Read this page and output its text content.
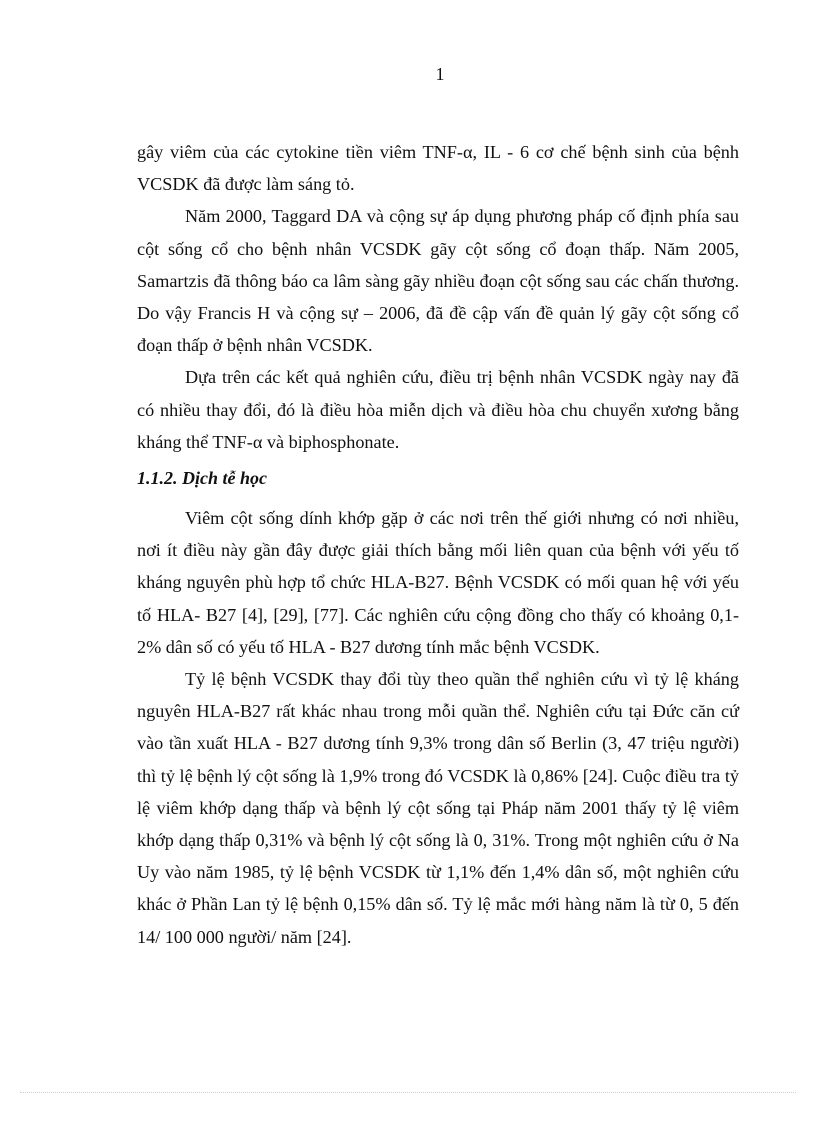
1

gây viêm của các cytokine tiền viêm TNF-α, IL - 6 cơ chế bệnh sinh của bệnh VCSDK đã được làm sáng tỏ.

Năm 2000, Taggard DA và cộng sự áp dụng phương pháp cố định phía sau cột sống cổ cho bệnh nhân VCSDK gãy cột sống cổ đoạn thấp. Năm 2005, Samartzis đã thông báo ca lâm sàng gãy nhiều đoạn cột sống sau các chấn thương. Do vậy Francis H và cộng sự – 2006, đã đề cập vấn đề quản lý gãy cột sống cổ đoạn thấp ở bệnh nhân VCSDK.

Dựa trên các kết quả nghiên cứu, điều trị bệnh nhân VCSDK ngày nay đã có nhiều thay đổi, đó là điều hòa miễn dịch và điều hòa chu chuyển xương bằng kháng thể TNF-α và biphosphonate.

1.1.2. Dịch tễ học

Viêm cột sống dính khớp gặp ở các nơi trên thế giới nhưng có nơi nhiều, nơi ít điều này gần đây được giải thích bằng mối liên quan của bệnh với yếu tố kháng nguyên phù hợp tổ chức HLA-B27. Bệnh VCSDK có mối quan hệ với yếu tố HLA- B27 [4], [29], [77]. Các nghiên cứu cộng đồng cho thấy có khoảng 0,1-2% dân số có yếu tố HLA - B27 dương tính mắc bệnh VCSDK.

Tỷ lệ bệnh VCSDK thay đổi tùy theo quần thể nghiên cứu vì tỷ lệ kháng nguyên HLA-B27 rất khác nhau trong mỗi quần thể. Nghiên cứu tại Đức căn cứ vào tần xuất HLA - B27 dương tính 9,3% trong dân số Berlin (3, 47 triệu người) thì tỷ lệ bệnh lý cột sống là 1,9% trong đó VCSDK là 0,86% [24]. Cuộc điều tra tỷ lệ viêm khớp dạng thấp và bệnh lý cột sống tại Pháp năm 2001 thấy tỷ lệ viêm khớp dạng thấp 0,31% và bệnh lý cột sống là 0, 31%. Trong một nghiên cứu ở Na Uy vào năm 1985, tỷ lệ bệnh VCSDK từ 1,1% đến 1,4% dân số, một nghiên cứu khác ở Phần Lan tỷ lệ bệnh 0,15% dân số. Tỷ lệ mắc mới hàng năm là từ 0, 5 đến 14/ 100 000 người/ năm [24].
